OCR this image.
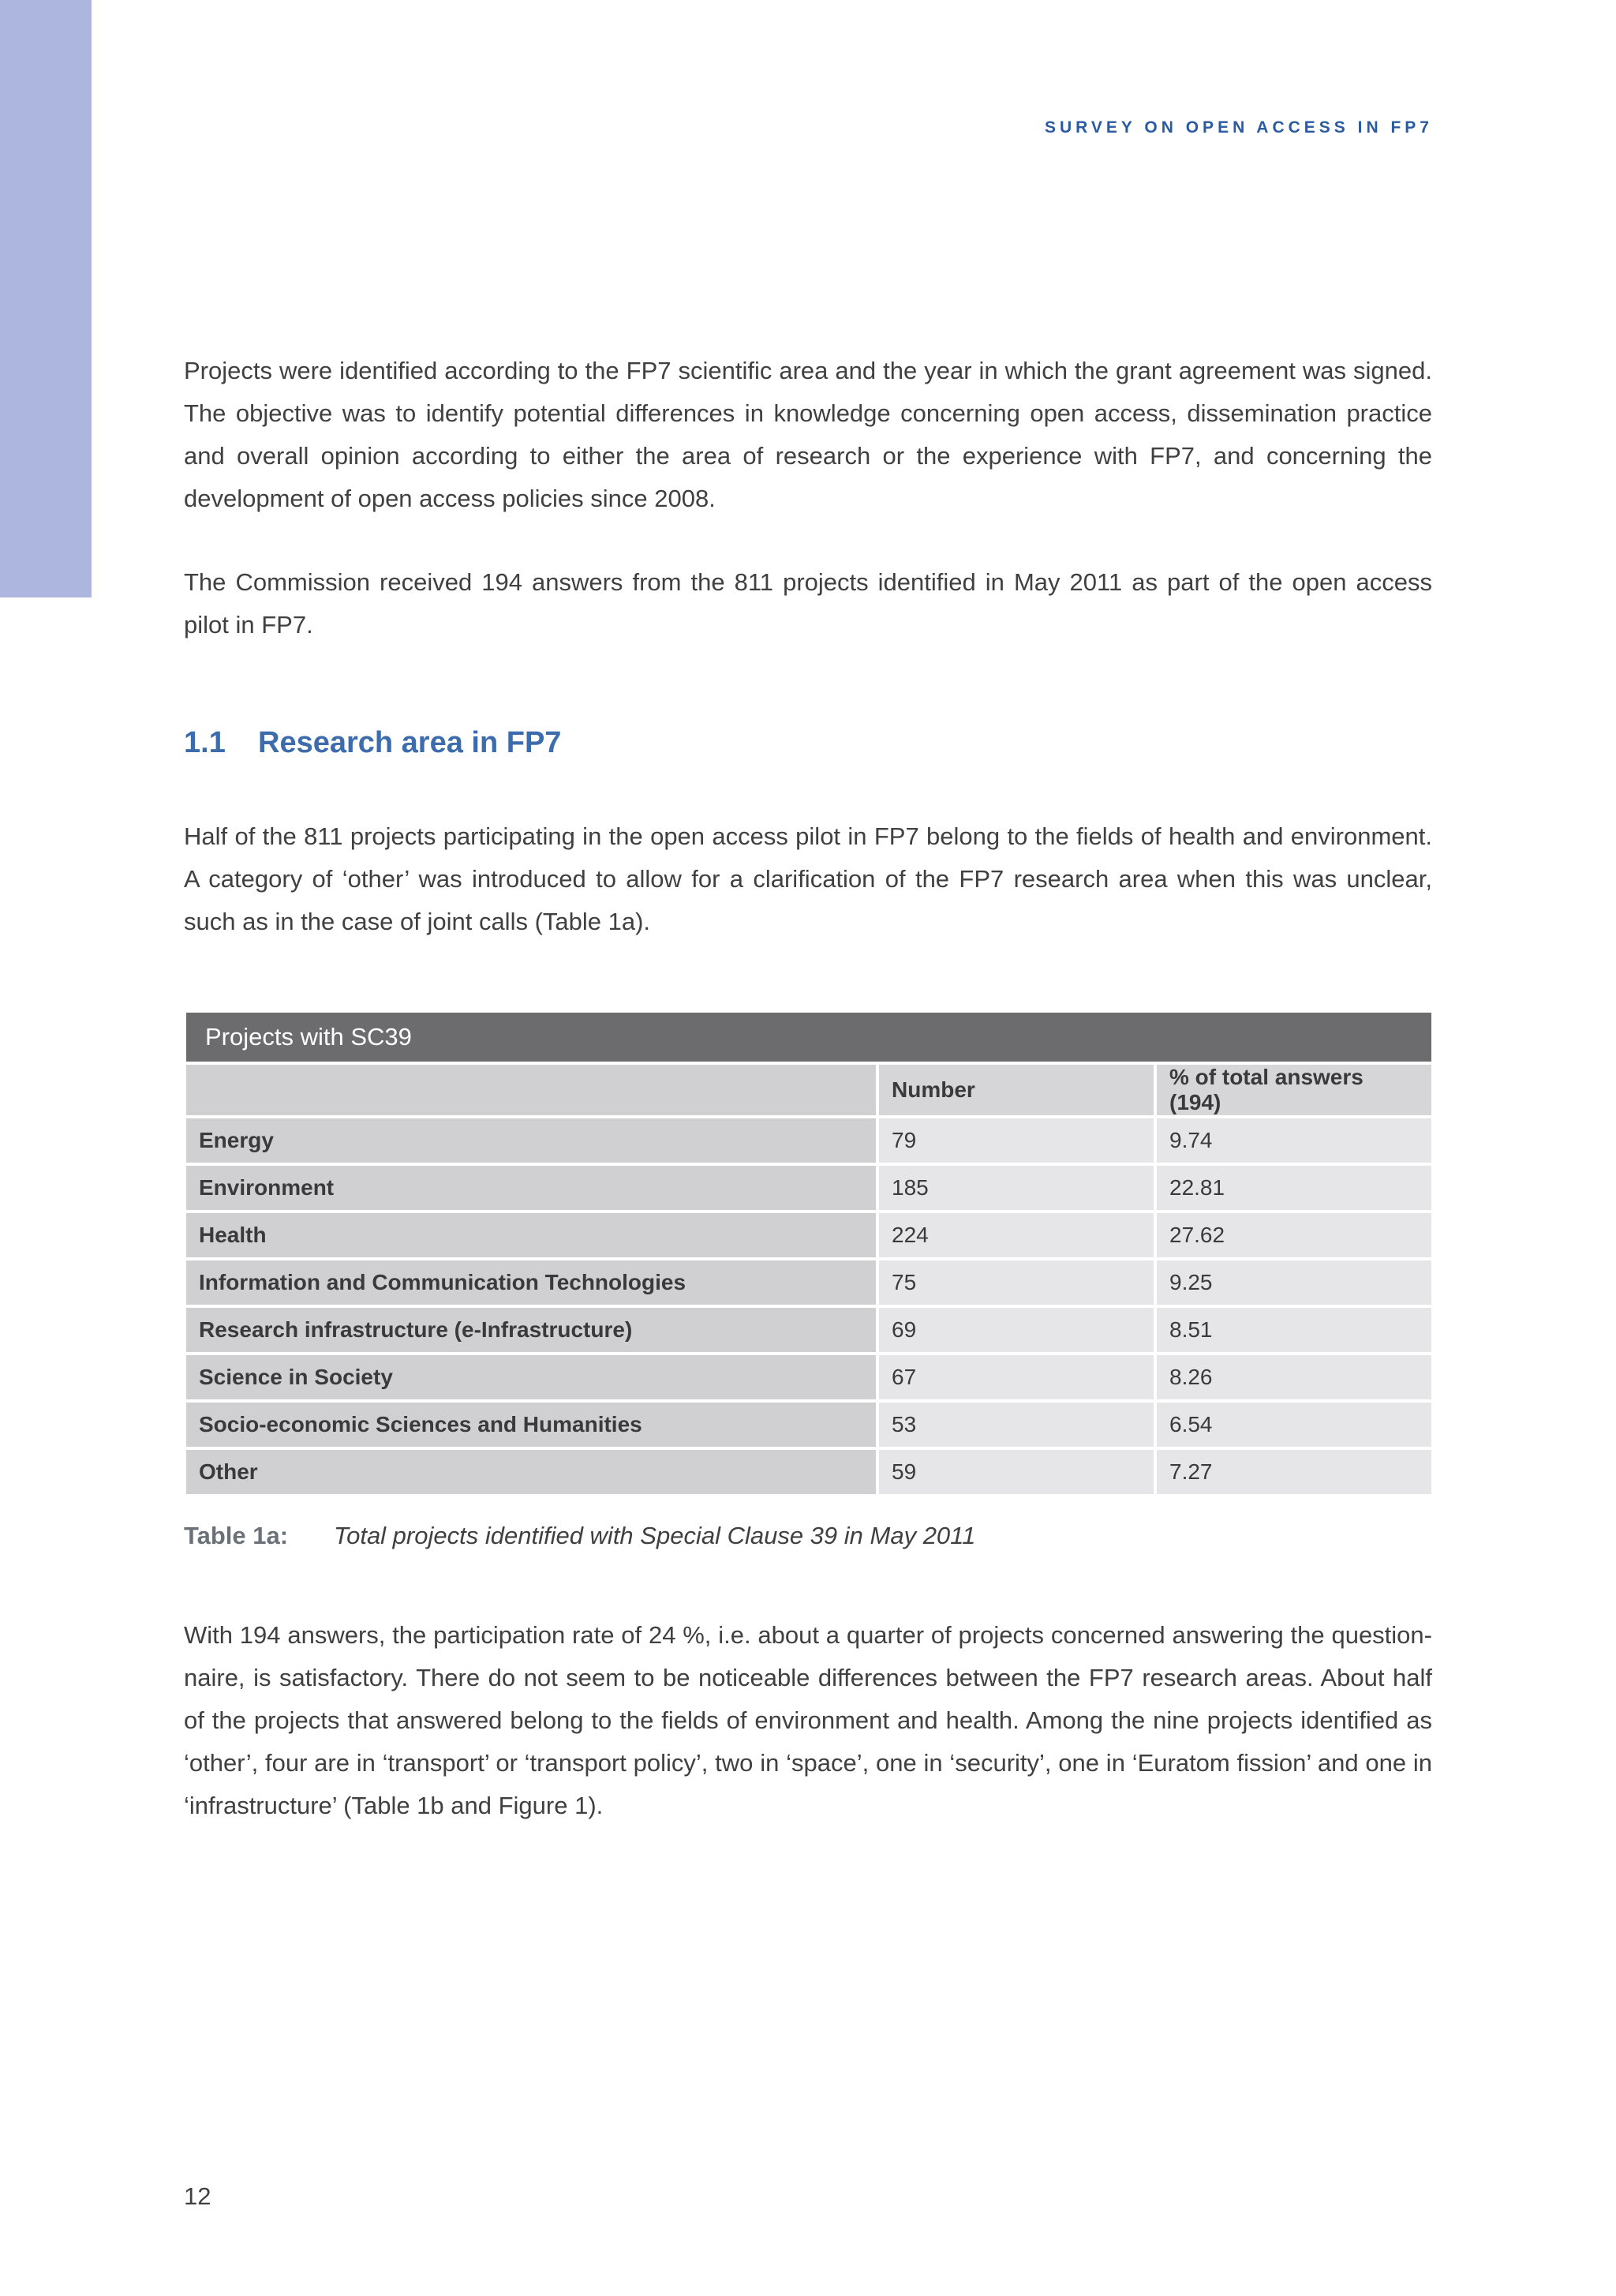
SURVEY ON OPEN ACCESS IN FP7

Projects were identified according to the FP7 scientific area and the year in which the grant agreement was signed. The objective was to identify potential differences in knowledge concerning open access, dissemination practice and overall opinion according to either the area of research or the experience with FP7, and concerning the development of open access policies since 2008.

The Commission received 194 answers from the 811 projects identified in May 2011 as part of the open access pilot in FP7.

1.1 Research area in FP7

Half of the 811 projects participating in the open access pilot in FP7 belong to the fields of health and environment. A category of ‘other’ was introduced to allow for a clarification of the FP7 research area when this was unclear, such as in the case of joint calls (Table 1a).

Projects with SC39
	Number	% of total answers (194)
Energy	79	9.74
Environment	185	22.81
Health	224	27.62
Information and Communication Technologies	75	9.25
Research infrastructure (e-Infrastructure)	69	8.51
Science in Society	67	8.26
Socio-economic Sciences and Humanities	53	6.54
Other	59	7.27
Table 1a: Total projects identified with Special Clause 39 in May 2011

With 194 answers, the participation rate of 24 %, i.e. about a quarter of projects concerned answering the question-naire, is satisfactory. There do not seem to be noticeable differences between the FP7 research areas. About half of the projects that answered belong to the fields of environment and health. Among the nine projects identified as ‘other’, four are in ‘transport’ or ‘transport policy’, two in ‘space’, one in ‘security’, one in ‘Euratom fission’ and one in ‘infrastructure’ (Table 1b and Figure 1).

12
